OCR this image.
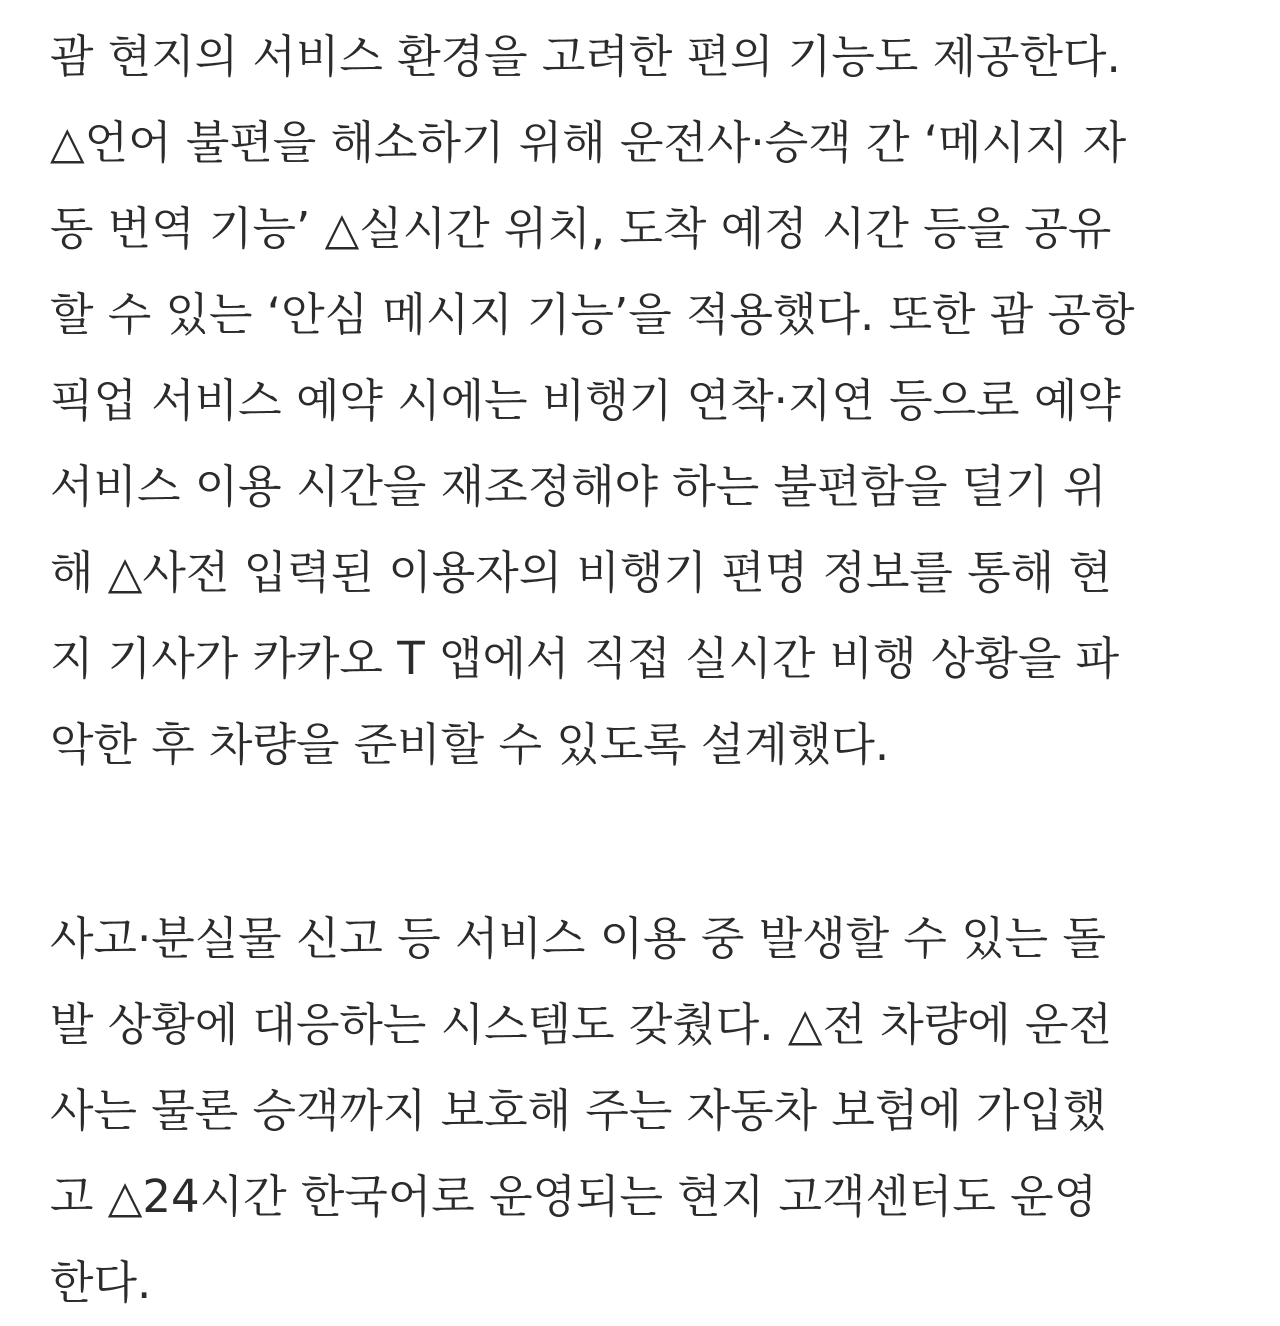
괌 현지의 서비스 환경을 고려한 편의 기능도 제공한다.
△언어 불편을 해소하기 위해 운전사·승객 간 ‘메시지 자
동 번역 기능’ △실시간 위치, 도착 예정 시간 등을 공유
할 수 있는 ‘안심 메시지 기능’을 적용했다. 또한 괌 공항
픽업 서비스 예약 시에는 비행기 연착·지연 등으로 예약
서비스 이용 시간을 재조정해야 하는 불편함을 덜기 위
해 △사전 입력된 이용자의 비행기 편명 정보를 통해 현
지 기사가 카카오 T 앱에서 직접 실시간 비행 상황을 파
악한 후 차량을 준비할 수 있도록 설계했다.
사고·분실물 신고 등 서비스 이용 중 발생할 수 있는 돌
발 상황에 대응하는 시스템도 갖췄다. △전 차량에 운전
사는 물론 승객까지 보호해 주는 자동차 보험에 가입했
고 △24시간 한국어로 운영되는 현지 고객센터도 운영
한다.
